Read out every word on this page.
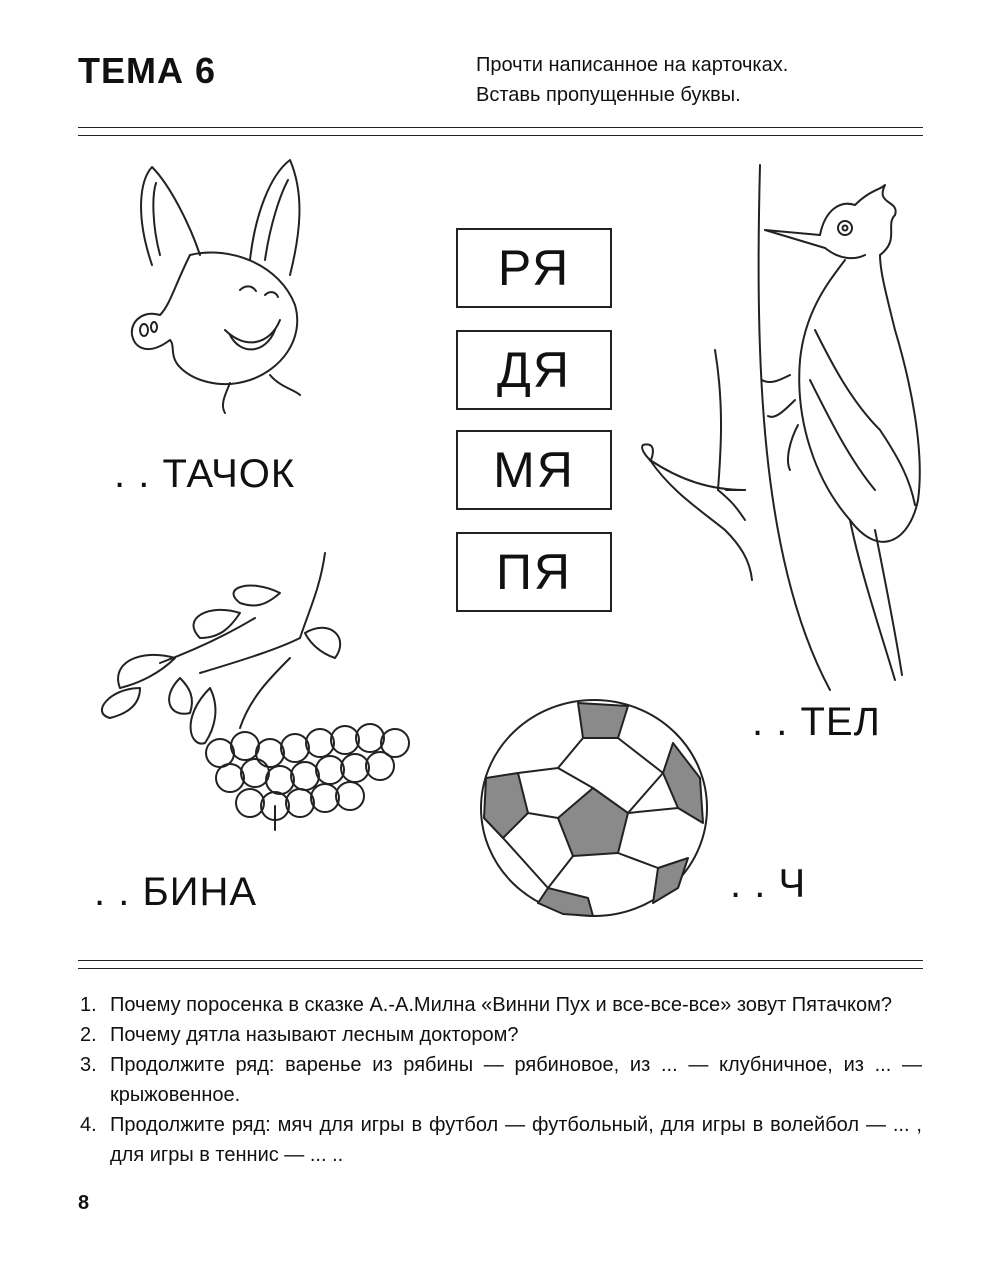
ТЕМА 6	Прочти написанное на карточках.
Вставь пропущенные буквы.
. . ТАЧОК
РЯ
ДЯ
МЯ
ПЯ
. . ТЕЛ
. . БИНА	. . Ч
1. Почему поросенка в сказке А.-А.Милна «Винни Пух и все-все-все» зовут Пятачком?
2. Почему дятла называют лесным доктором?
3. Продолжите ряд: варенье из рябины — рябиновое, из ... — клубничное, из ... — крыжовенное.
4. Продолжите ряд: мяч для игры в футбол — футбольный, для игры в волейбол — ... , для игры в теннис — ... ..
8
